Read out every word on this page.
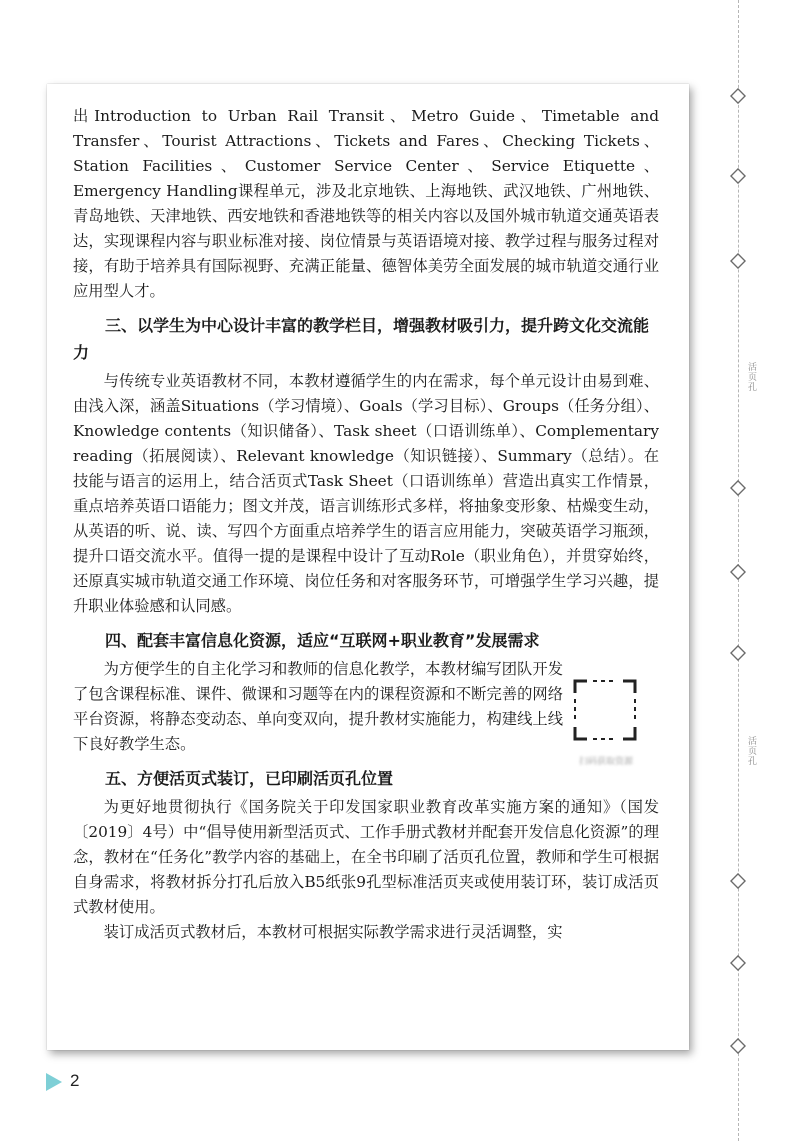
活页孔
活页孔

出Introduction to Urban Rail Transit、Metro Guide、Timetable and Transfer、Tourist Attractions、Tickets and Fares、Checking Tickets、 Station Facilities、Customer Service Center、Service Etiquette、 Emergency Handling课程单元，涉及北京地铁、上海地铁、武汉地铁、广州地铁、青岛地铁、天津地铁、西安地铁和香港地铁等的相关内容以及国外城市轨道交通英语表达，实现课程内容与职业标准对接、岗位情景与英语语境对接、教学过程与服务过程对接，有助于培养具有国际视野、充满正能量、德智体美劳全面发展的城市轨道交通行业应用型人才。

三、以学生为中心设计丰富的教学栏目，增强教材吸引力，提升跨文化交流能力

与传统专业英语教材不同，本教材遵循学生的内在需求，每个单元设计由易到难、由浅入深，涵盖Situations（学习情境）、Goals（学习目标）、Groups（任务分组）、Knowledge contents（知识储备）、Task sheet（口语训练单）、Complementary reading（拓展阅读）、Relevant knowledge（知识链接）、Summary（总结）。在技能与语言的运用上，结合活页式Task Sheet（口语训练单）营造出真实工作情景，重点培养英语口语能力；图文并茂，语言训练形式多样，将抽象变形象、枯燥变生动，从英语的听、说、读、写四个方面重点培养学生的语言应用能力，突破英语学习瓶颈，提升口语交流水平。值得一提的是课程中设计了互动Role（职业角色），并贯穿始终，还原真实城市轨道交通工作环境、岗位任务和对客服务环节，可增强学生学习兴趣，提升职业体验感和认同感。

四、配套丰富信息化资源，适应“互联网+职业教育”发展需求

为方便学生的自主化学习和教师的信息化教学，本教材编写团队开发了包含课程标准、课件、微课和习题等在内的课程资源和不断完善的网络平台资源，将静态变动态、单向变双向，提升教材实施能力，构建线上线下良好教学生态。

扫码获取资源
五、方便活页式装订，已印刷活页孔位置

为更好地贯彻执行《国务院关于印发国家职业教育改革实施方案的通知》（国发〔2019〕4号）中“倡导使用新型活页式、工作手册式教材并配套开发信息化资源”的理念，教材在“任务化”教学内容的基础上，在全书印刷了活页孔位置，教师和学生可根据自身需求，将教材拆分打孔后放入B5纸张9孔型标准活页夹或使用装订环，装订成活页式教材使用。

装订成活页式教材后，本教材可根据实际教学需求进行灵活调整，实

2
